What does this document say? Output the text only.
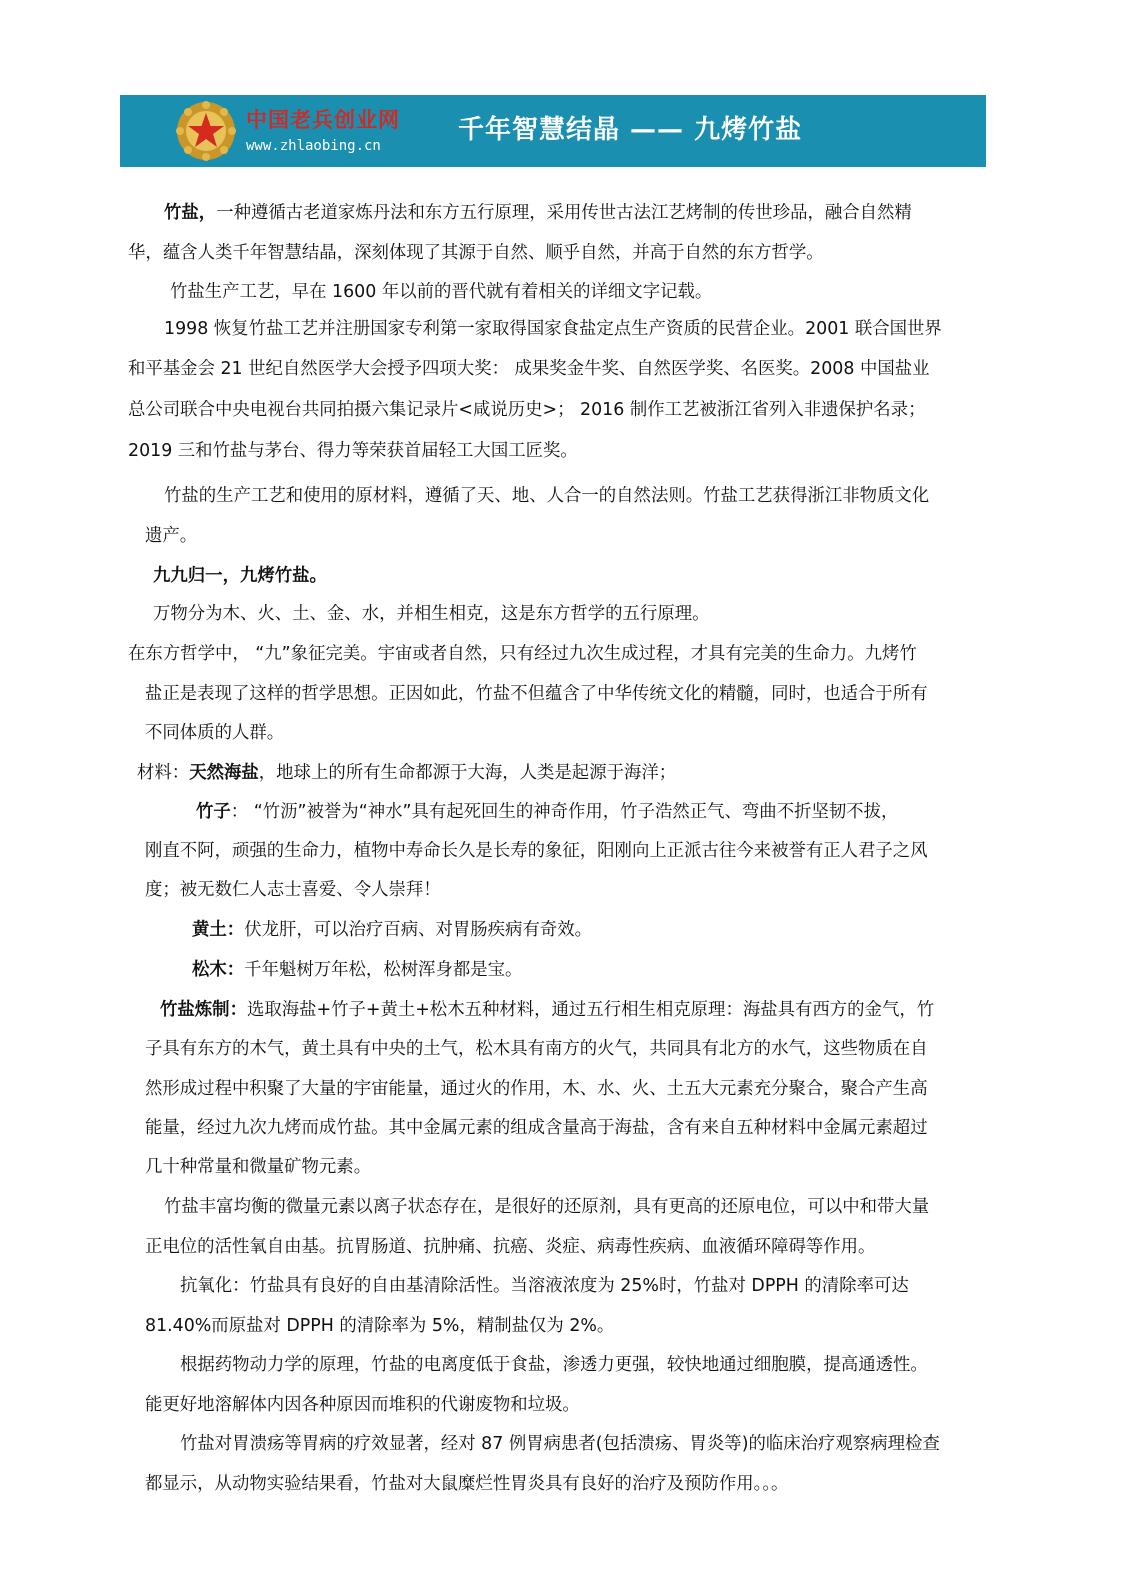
中国老兵创业网
www.zhlaobing.cn
千年智慧结晶 —— 九烤竹盐

竹盐，一种遵循古老道家炼丹法和东方五行原理，采用传世古法江艺烤制的传世珍品，融合自然精

华，蕴含人类千年智慧结晶，深刻体现了其源于自然、顺乎自然，并高于自然的东方哲学。

竹盐生产工艺，早在 1600 年以前的晋代就有着相关的详细文字记载。

1998 恢复竹盐工艺并注册国家专利第一家取得国家食盐定点生产资质的民营企业。2001 联合国世界

和平基金会 21 世纪自然医学大会授予四项大奖： 成果奖金牛奖、自然医学奖、名医奖。2008 中国盐业

总公司联合中央电视台共同拍摄六集记录片<咸说历史>； 2016 制作工艺被浙江省列入非遗保护名录；

2019 三和竹盐与茅台、得力等荣获首届轻工大国工匠奖。

竹盐的生产工艺和使用的原材料，遵循了天、地、人合一的自然法则。竹盐工艺获得浙江非物质文化

遗产。

九九归一，九烤竹盐。

万物分为木、火、土、金、水，并相生相克，这是东方哲学的五行原理。

在东方哲学中， “九”象征完美。宇宙或者自然，只有经过九次生成过程，才具有完美的生命力。九烤竹

盐正是表现了这样的哲学思想。正因如此，竹盐不但蕴含了中华传统文化的精髓，同时，也适合于所有

不同体质的人群。

材料：天然海盐，地球上的所有生命都源于大海，人类是起源于海洋；

竹子： “竹沥”被誉为“神水”具有起死回生的神奇作用，竹子浩然正气、弯曲不折坚韧不拔，

刚直不阿，顽强的生命力，植物中寿命长久是长寿的象征，阳刚向上正派古往今来被誉有正人君子之风

度；被无数仁人志士喜爱、令人崇拜！

黄土：伏龙肝，可以治疗百病、对胃肠疾病有奇效。

松木：千年魁树万年松，松树浑身都是宝。

竹盐炼制：选取海盐+竹子+黄土+松木五种材料，通过五行相生相克原理：海盐具有西方的金气，竹

子具有东方的木气，黄土具有中央的土气，松木具有南方的火气，共同具有北方的水气，这些物质在自

然形成过程中积聚了大量的宇宙能量，通过火的作用，木、水、火、土五大元素充分聚合，聚合产生高

能量，经过九次九烤而成竹盐。其中金属元素的组成含量高于海盐，含有来自五种材料中金属元素超过

几十种常量和微量矿物元素。

竹盐丰富均衡的微量元素以离子状态存在，是很好的还原剂，具有更高的还原电位，可以中和带大量

正电位的活性氧自由基。抗胃肠道、抗肿痛、抗癌、炎症、病毒性疾病、血液循环障碍等作用。

抗氧化：竹盐具有良好的自由基清除活性。当溶液浓度为 25%时，竹盐对 DPPH 的清除率可达

81.40%而原盐对 DPPH 的清除率为 5%，精制盐仅为 2%。

根据药物动力学的原理，竹盐的电离度低于食盐，渗透力更强，较快地通过细胞膜，提高通透性。

能更好地溶解体内因各种原因而堆积的代谢废物和垃圾。

竹盐对胃溃疡等胃病的疗效显著，经对 87 例胃病患者(包括溃疡、胃炎等)的临床治疗观察病理检查

都显示，从动物实验结果看，竹盐对大鼠糜烂性胃炎具有良好的治疗及预防作用。。。
